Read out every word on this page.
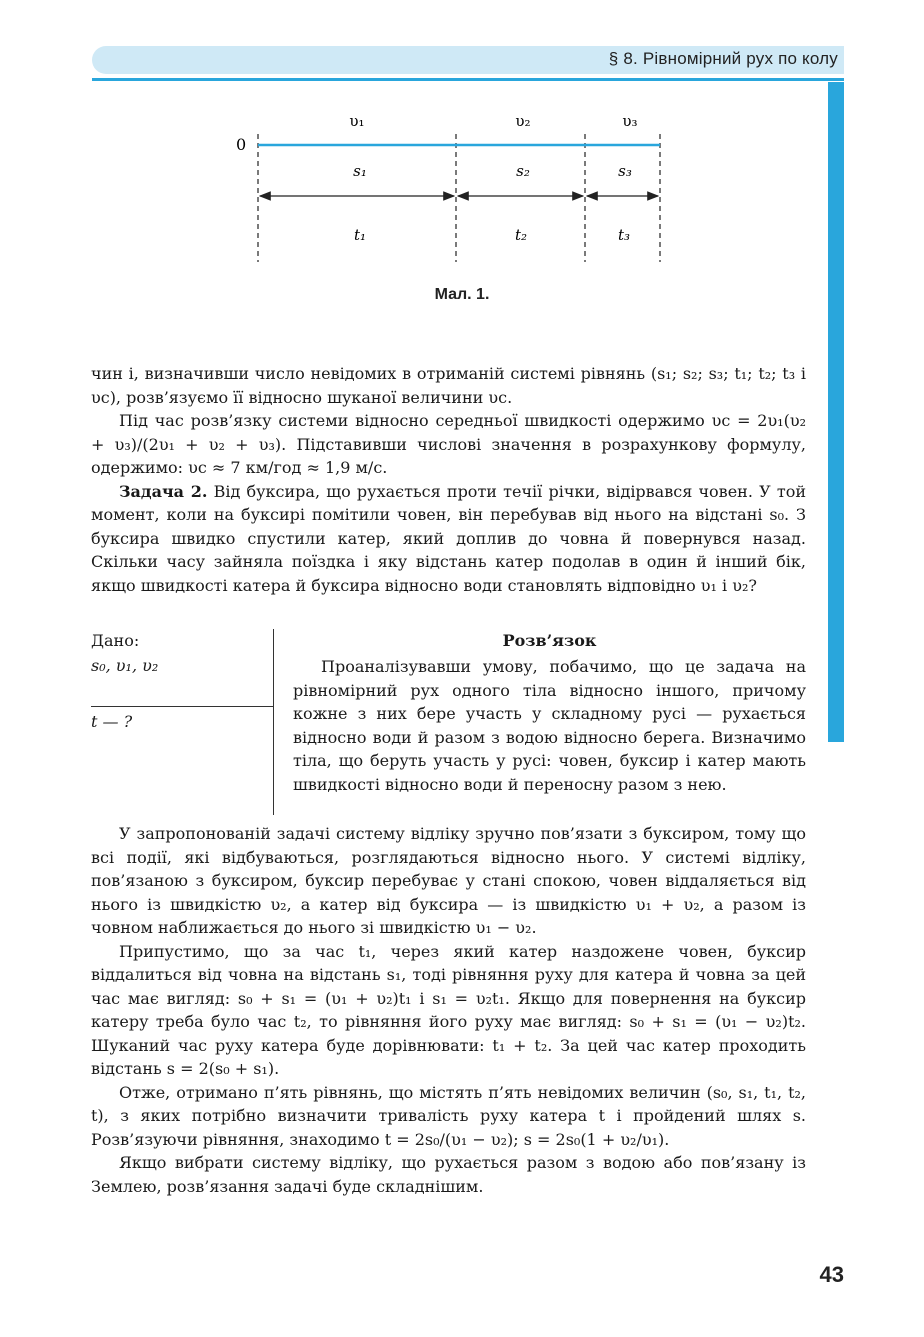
§ 8. Рівномірний рух по колу
0
υ₁	υ₂	υ₃
s₁	s₂	s₃
t₁	t₂	t₃
Мал. 1.

чин і, визначивши число невідомих в отриманій системі рівнянь (s₁; s₂; s₃; t₁; t₂; t₃ і υс), розв’язуємо її відносно шуканої величини υс.

Під час розв’язку системи відносно середньої швидкості одержимо υс = 2υ₁(υ₂ + υ₃)/(2υ₁ + υ₂ + υ₃). Підставивши числові значення в розрахункову формулу, одержимо: υс ≈ 7 км/год ≈ 1,9 м/с.

Задача 2. Від буксира, що рухається проти течії річки, відірвався човен. У той момент, коли на буксирі помітили човен, він перебував від нього на відстані s₀. З буксира швидко спустили катер, який доплив до човна й повернувся назад. Скільки часу зайняла поїздка і яку відстань катер подолав в один й інший бік, якщо швидкості катера й буксира відносно води становлять відповідно υ₁ і υ₂?

Дано:
s₀, υ₁, υ₂
t — ?
Розв’язок
Проаналізувавши умову, побачимо, що це задача на рівномірний рух одного тіла відносно іншого, причому кожне з них бере участь у складному русі — рухається відносно води й разом з водою відносно берега. Визначимо тіла, що беруть участь у русі: човен, буксир і катер мають швидкості відносно води й переносну разом з нею.

У запропонованій задачі систему відліку зручно пов’язати з буксиром, тому що всі події, які відбуваються, розглядаються відносно нього. У системі відліку, пов’язаною з буксиром, буксир перебуває у стані спокою, човен віддаляється від нього із швидкістю υ₂, а катер від буксира — із швидкістю υ₁ + υ₂, а разом із човном наближається до нього зі швидкістю υ₁ − υ₂.

Припустимо, що за час t₁, через який катер наздожене човен, буксир віддалиться від човна на відстань s₁, тоді рівняння руху для катера й човна за цей час має вигляд: s₀ + s₁ = (υ₁ + υ₂)t₁ і s₁ = υ₂t₁. Якщо для повернення на буксир катеру треба було час t₂, то рівняння його руху має вигляд: s₀ + s₁ = (υ₁ − υ₂)t₂. Шуканий час руху катера буде дорівнювати: t₁ + t₂. За цей час катер проходить відстань s = 2(s₀ + s₁).

Отже, отримано п’ять рівнянь, що містять п’ять невідомих величин (s₀, s₁, t₁, t₂, t), з яких потрібно визначити тривалість руху катера t і пройдений шлях s. Розв’язуючи рівняння, знаходимо t = 2s₀/(υ₁ − υ₂); s = 2s₀(1 + υ₂/υ₁).

Якщо вибрати систему відліку, що рухається разом з водою або пов’язану із Землею, розв’язання задачі буде складнішим.

43
